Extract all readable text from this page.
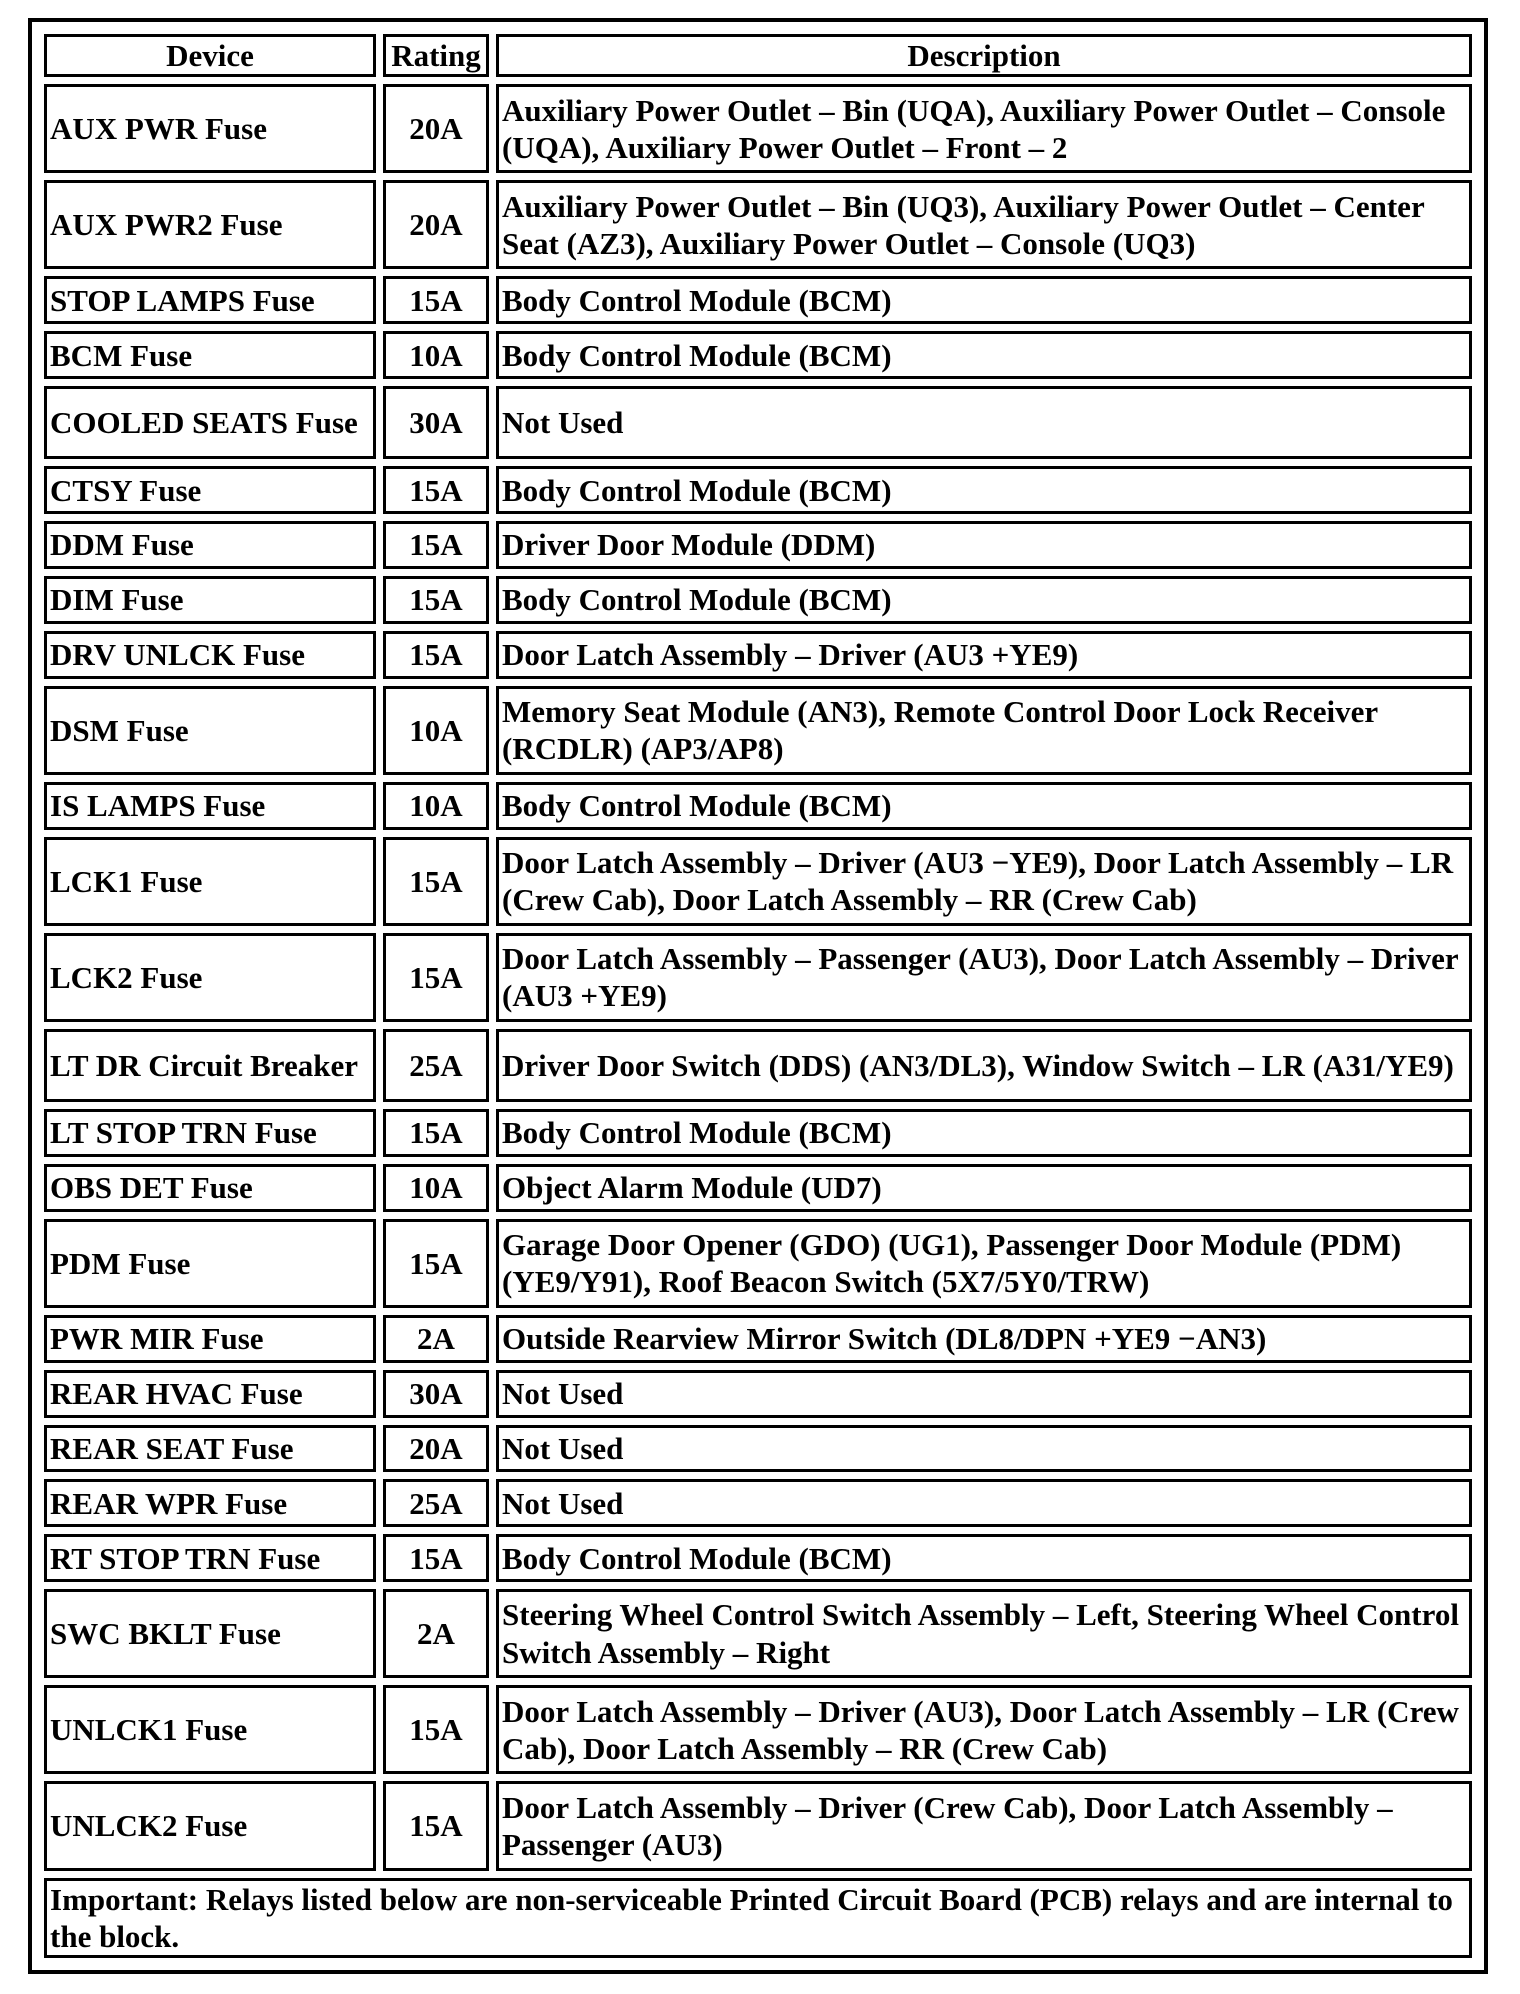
Device	Rating	Description
AUX PWR Fuse	20A	Auxiliary Power Outlet – Bin (UQA), Auxiliary Power Outlet – Console (UQA), Auxiliary Power Outlet – Front – 2
AUX PWR2 Fuse	20A	Auxiliary Power Outlet – Bin (UQ3), Auxiliary Power Outlet – Center Seat (AZ3), Auxiliary Power Outlet – Console (UQ3)
STOP LAMPS Fuse	15A	Body Control Module (BCM)
BCM Fuse	10A	Body Control Module (BCM)
COOLED SEATS Fuse	30A	Not Used
CTSY Fuse	15A	Body Control Module (BCM)
DDM Fuse	15A	Driver Door Module (DDM)
DIM Fuse	15A	Body Control Module (BCM)
DRV UNLCK Fuse	15A	Door Latch Assembly – Driver (AU3 +YE9)
DSM Fuse	10A	Memory Seat Module (AN3), Remote Control Door Lock Receiver (RCDLR) (AP3/AP8)
IS LAMPS Fuse	10A	Body Control Module (BCM)
LCK1 Fuse	15A	Door Latch Assembly – Driver (AU3 −YE9), Door Latch Assembly – LR (Crew Cab), Door Latch Assembly – RR (Crew Cab)
LCK2 Fuse	15A	Door Latch Assembly – Passenger (AU3), Door Latch Assembly – Driver (AU3 +YE9)
LT DR Circuit Breaker	25A	Driver Door Switch (DDS) (AN3/DL3), Window Switch – LR (A31/YE9)
LT STOP TRN Fuse	15A	Body Control Module (BCM)
OBS DET Fuse	10A	Object Alarm Module (UD7)
PDM Fuse	15A	Garage Door Opener (GDO) (UG1), Passenger Door Module (PDM) (YE9/Y91), Roof Beacon Switch (5X7/5Y0/TRW)
PWR MIR Fuse	2A	Outside Rearview Mirror Switch (DL8/DPN +YE9 −AN3)
REAR HVAC Fuse	30A	Not Used
REAR SEAT Fuse	20A	Not Used
REAR WPR Fuse	25A	Not Used
RT STOP TRN Fuse	15A	Body Control Module (BCM)
SWC BKLT Fuse	2A	Steering Wheel Control Switch Assembly – Left, Steering Wheel Control Switch Assembly – Right
UNLCK1 Fuse	15A	Door Latch Assembly – Driver (AU3), Door Latch Assembly – LR (Crew Cab), Door Latch Assembly – RR (Crew Cab)
UNLCK2 Fuse	15A	Door Latch Assembly – Driver (Crew Cab), Door Latch Assembly – Passenger (AU3)
Important: Relays listed below are non-serviceable Printed Circuit Board (PCB) relays and are internal to the block.		
